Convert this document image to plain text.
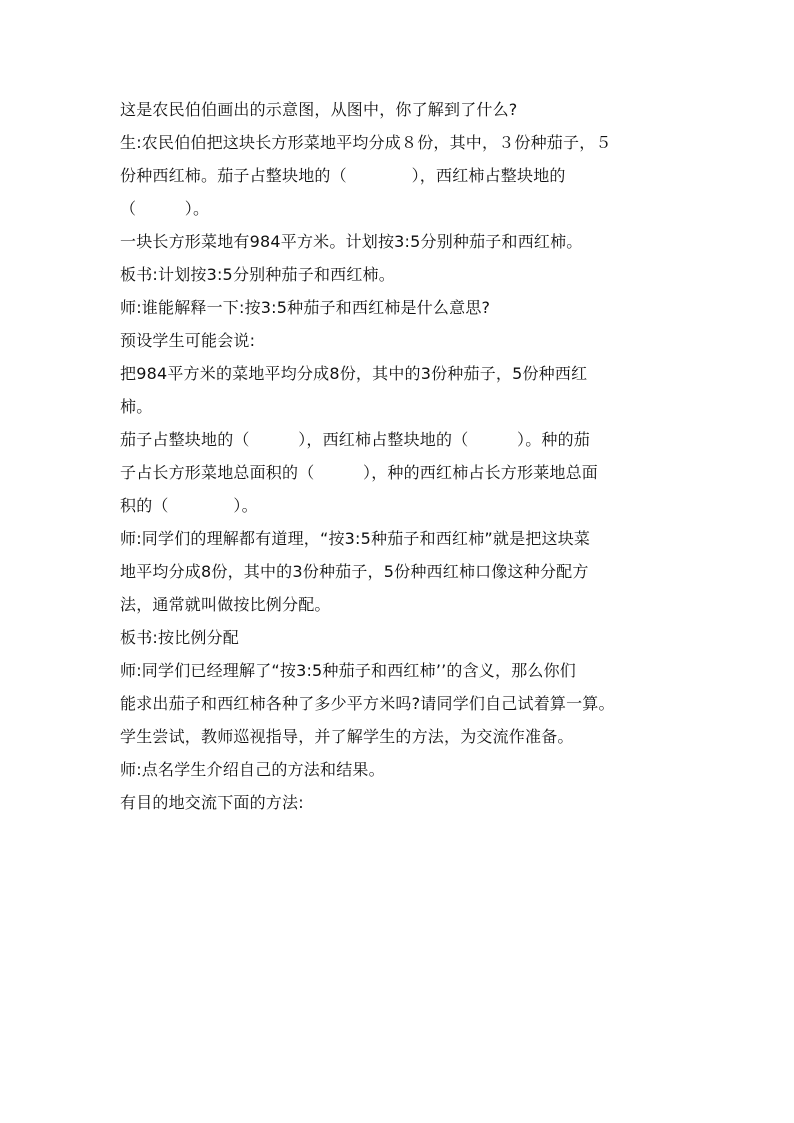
这是农民伯伯画出的示意图，从图中，你了解到了什么?
生:农民伯伯把这块长方形菜地平均分成８份，其中，３份种茄子，５
份种西红柿。茄子占整块地的（　　　　），西红柿占整块地的
（　　　）。
一块长方形菜地有984平方米。计划按3:5分别种茄子和西红柿。
板书:计划按3:5分别种茄子和西红柿。
师:谁能解释一下:按3:5种茄子和西红柿是什么意思?
预设学生可能会说:
把984平方米的菜地平均分成8份，其中的3份种茄子，5份种西红
柿。
茄子占整块地的（　　　），西红柿占整块地的（　　　）。种的茄
子占长方形菜地总面积的（　　　），种的西红柿占长方形莱地总面
积的（　　　　）。
师:同学们的理解都有道理，“按3:5种茄子和西红柿”就是把这块菜
地平均分成8份，其中的3份种茄子，5份种西红柿口像这种分配方
法，通常就叫做按比例分配。
板书:按比例分配
师:同学们已经理解了“按3:5种茄子和西红柿’’的含义，那么你们
能求出茄子和西红柿各种了多少平方米吗?请同学们自己试着算一算。
学生尝试，教师巡视指导，并了解学生的方法，为交流作准备。
师:点名学生介绍自己的方法和结果。
有目的地交流下面的方法:
